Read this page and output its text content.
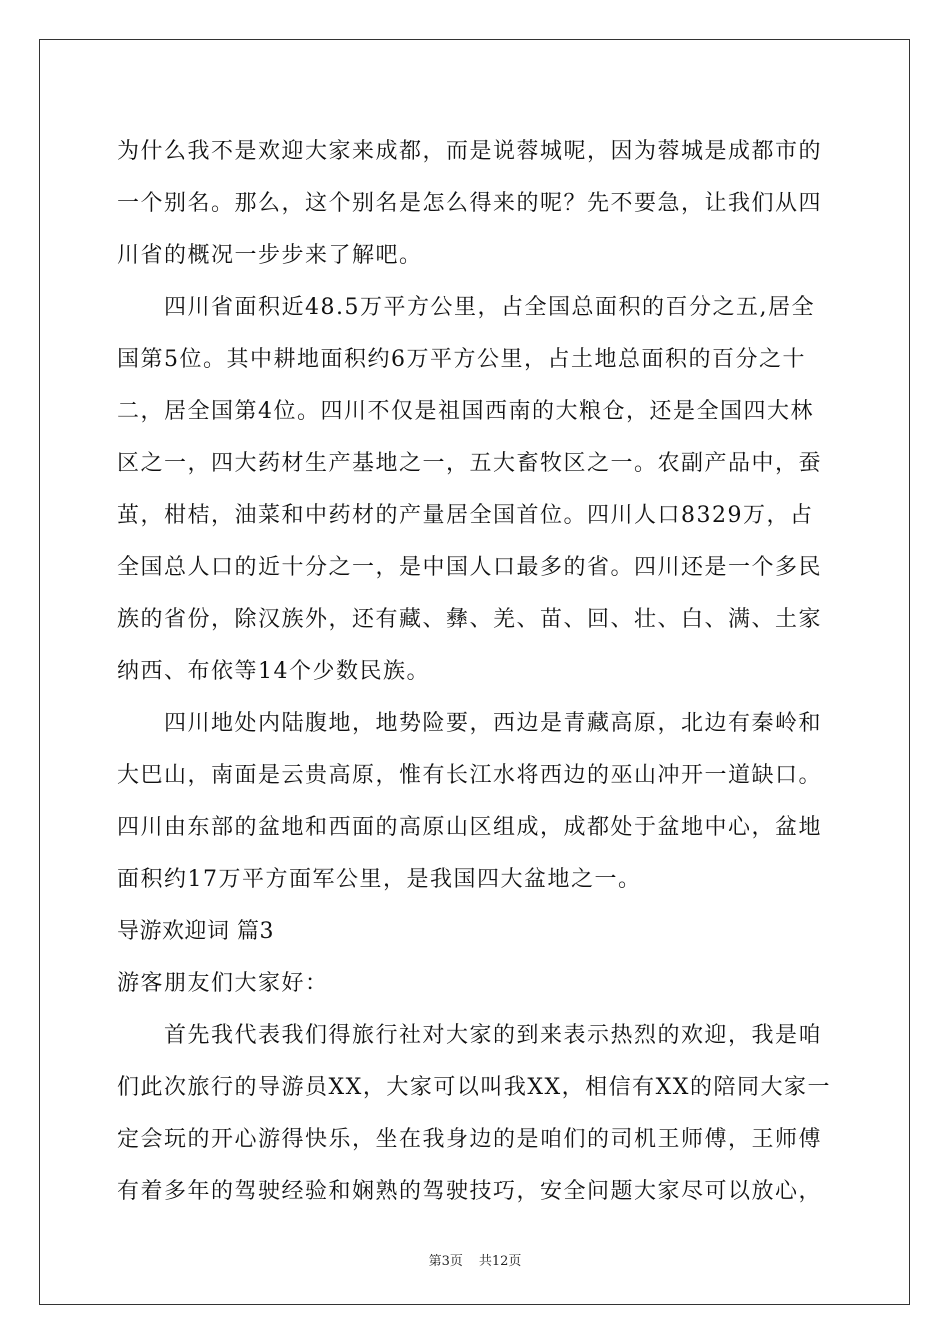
为什么我不是欢迎大家来成都，而是说蓉城呢，因为蓉城是成都市的
一个别名。那么，这个别名是怎么得来的呢？先不要急，让我们从四
川省的概况一步步来了解吧。
　　四川省面积近48.5万平方公里，占全国总面积的百分之五,居全
国第5位。其中耕地面积约6万平方公里，占土地总面积的百分之十
二，居全国第4位。四川不仅是祖国西南的大粮仓，还是全国四大林
区之一，四大药材生产基地之一，五大畜牧区之一。农副产品中，蚕
茧，柑桔，油菜和中药材的产量居全国首位。四川人口8329万，占
全国总人口的近十分之一，是中国人口最多的省。四川还是一个多民
族的省份，除汉族外，还有藏、彝、羌、苗、回、壮、白、满、土家
纳西、布依等14个少数民族。
　　四川地处内陆腹地，地势险要，西边是青藏高原，北边有秦岭和
大巴山，南面是云贵高原，惟有长江水将西边的巫山冲开一道缺口。
四川由东部的盆地和西面的高原山区组成，成都处于盆地中心，盆地
面积约17万平方面军公里，是我国四大盆地之一。
导游欢迎词 篇3
游客朋友们大家好：
　　首先我代表我们得旅行社对大家的到来表示热烈的欢迎，我是咱
们此次旅行的导游员XX，大家可以叫我XX，相信有XX的陪同大家一
定会玩的开心游得快乐，坐在我身边的是咱们的司机王师傅，王师傅
有着多年的驾驶经验和娴熟的驾驶技巧，安全问题大家尽可以放心，
第3页 共12页
